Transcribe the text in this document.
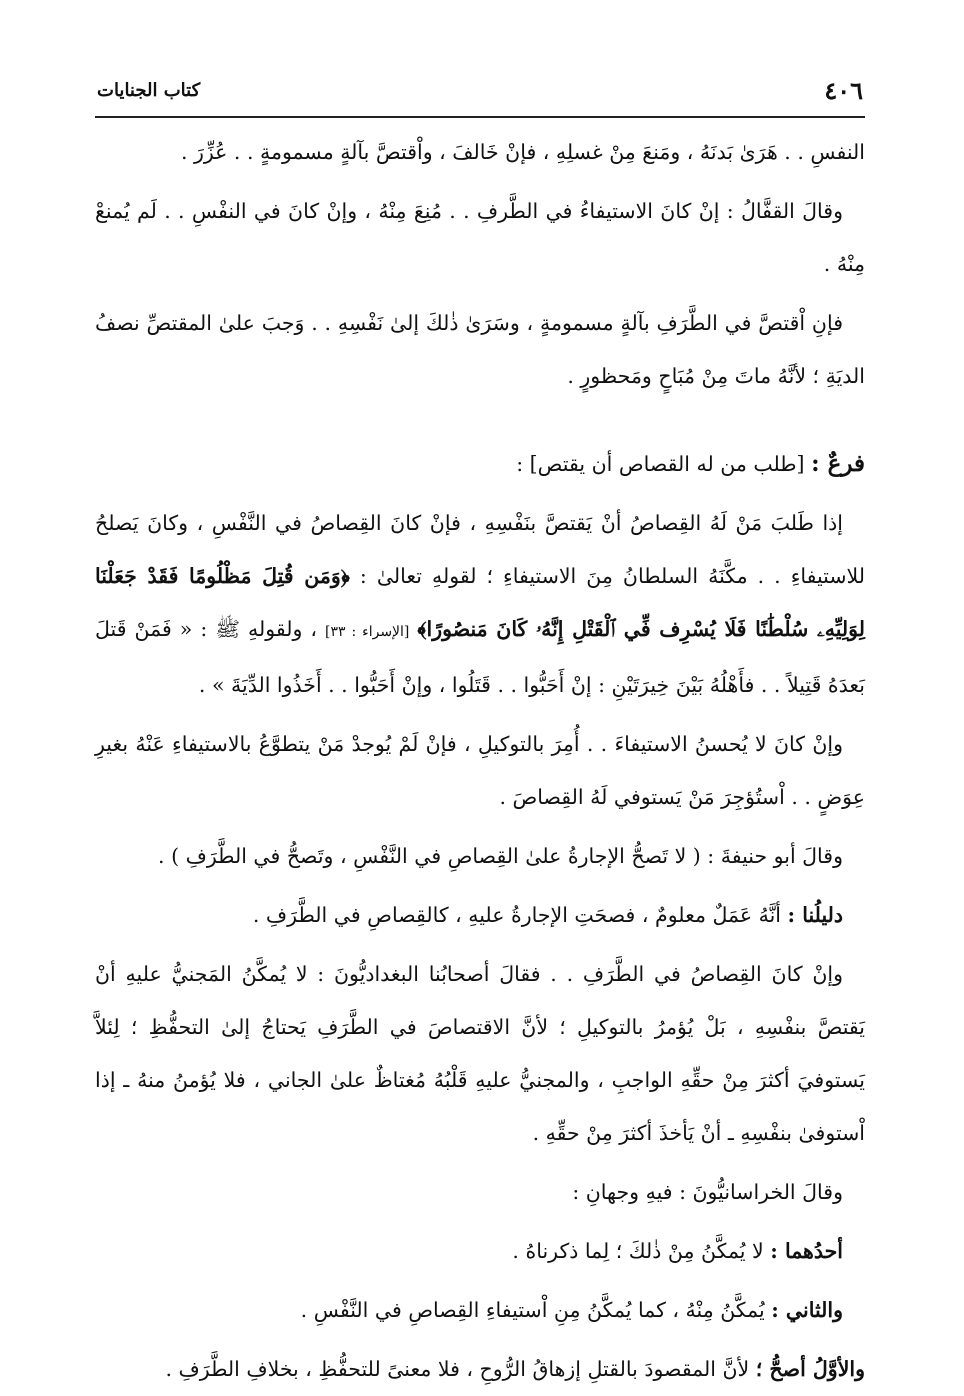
٤٠٦
كتاب الجنايات

النفسِ . . هَرَىٰ بَدنَهُ ، ومَنعَ مِنْ غسلِهِ ، فإنْ خَالفَ ، واْقتصَّ بآلةٍ مسمومةٍ . . عُزِّرَ .

وقالَ القفَّالُ : إنْ كانَ الاستيفاءُ في الطَّرفِ . . مُنِعَ مِنْهُ ، وإنْ كانَ في النفْسِ . . لَم يُمنعْ مِنْهُ .

فإنِ اْقتصَّ في الطَّرَفِ بآلةٍ مسمومةٍ ، وسَرَىٰ ذٰلكَ إلىٰ نَفْسِهِ . . وَجبَ علىٰ المقتصِّ نصفُ الديَةِ ؛ لأنَّهُ ماتَ مِنْ مُبَاحٍ ومَحظورٍ .

فرعٌ : [طلب من له القصاص أن يقتص] :

إذا طَلبَ مَنْ لَهُ القِصاصُ أنْ يَقتصَّ بنَفْسِهِ ، فإنْ كانَ القِصاصُ في النَّفْسِ ، وكانَ يَصلحُ للاستيفاءِ . . مكَّنَهُ السلطانُ مِنَ الاستيفاءِ ؛ لقولهِ تعالىٰ : ﴿وَمَن قُتِلَ مَظْلُومًا فَقَدْ جَعَلْنَا لِوَلِيِّهِۦ سُلْطَٰنًا فَلَا يُسْرِف فِّي ٱلْقَتْلِ إِنَّهُۥ كَانَ مَنصُورًا﴾ [الإسراء : ٣٣] ، ولقولهِ ﷺ : « فَمَنْ قَتلَ بَعدَهُ قَتِيلاً . . فأَهْلُهُ بَيْنَ خِيرَتَيْنِ : إنْ أَحَبُّوا . . قَتَلُوا ، وإنْ أَحَبُّوا . . أَخَذُوا الدِّيَةَ » .

وإنْ كانَ لا يُحسنُ الاستيفاءَ . . أُمِرَ بالتوكيلِ ، فإنْ لَمْ يُوجدْ مَنْ يتطوَّعُ بالاستيفاءِ عَنْهُ بغيرِ عِوَضٍ . . اْستُؤجِرَ مَنْ يَستوفي لَهُ القِصاصَ .

وقالَ أبو حنيفةَ : ( لا تَصحُّ الإجارةُ علىٰ القِصاصِ في النَّفْسِ ، وتَصحُّ في الطَّرَفِ ) .

دليلُنا : أنَّهُ عَمَلٌ معلومٌ ، فصحَتِ الإجارةُ عليهِ ، كالقِصاصِ في الطَّرَفِ .

وإنْ كانَ القِصاصُ في الطَّرَفِ . . فقالَ أصحابُنا البغداديُّونَ : لا يُمكَّنُ المَجنيُّ عليهِ أنْ يَقتصَّ بنفْسِهِ ، بَلْ يُؤمرُ بالتوكيلِ ؛ لأنَّ الاقتصاصَ في الطَّرَفِ يَحتاجُ إلىٰ التحفُّظِ ؛ لِئلاَّ يَستوفيَ أكثرَ مِنْ حقِّهِ الواجبِ ، والمجنيُّ عليهِ قَلْبُهُ مُغتاظٌ علىٰ الجاني ، فلا يُؤمنُ منهُ ـ إذا اْستوفىٰ بنفْسِهِ ـ أنْ يَأخذَ أكثرَ مِنْ حقِّهِ .

وقالَ الخراسانيُّونَ : فيهِ وجهانِ :

أحدُهما : لا يُمكَّنُ مِنْ ذٰلكَ ؛ لِما ذكرناهُ .

والثاني : يُمكَّنُ مِنْهُ ، كما يُمكَّنُ مِنِ اْستيفاءِ القِصاصِ في النَّفْسِ .

والأوَّلُ أصحُّ ؛ لأنَّ المقصودَ بالقتلِ إزهاقُ الرُّوحِ ، فلا معنىً للتحفُّظِ ، بخلافِ الطَّرَفِ .
